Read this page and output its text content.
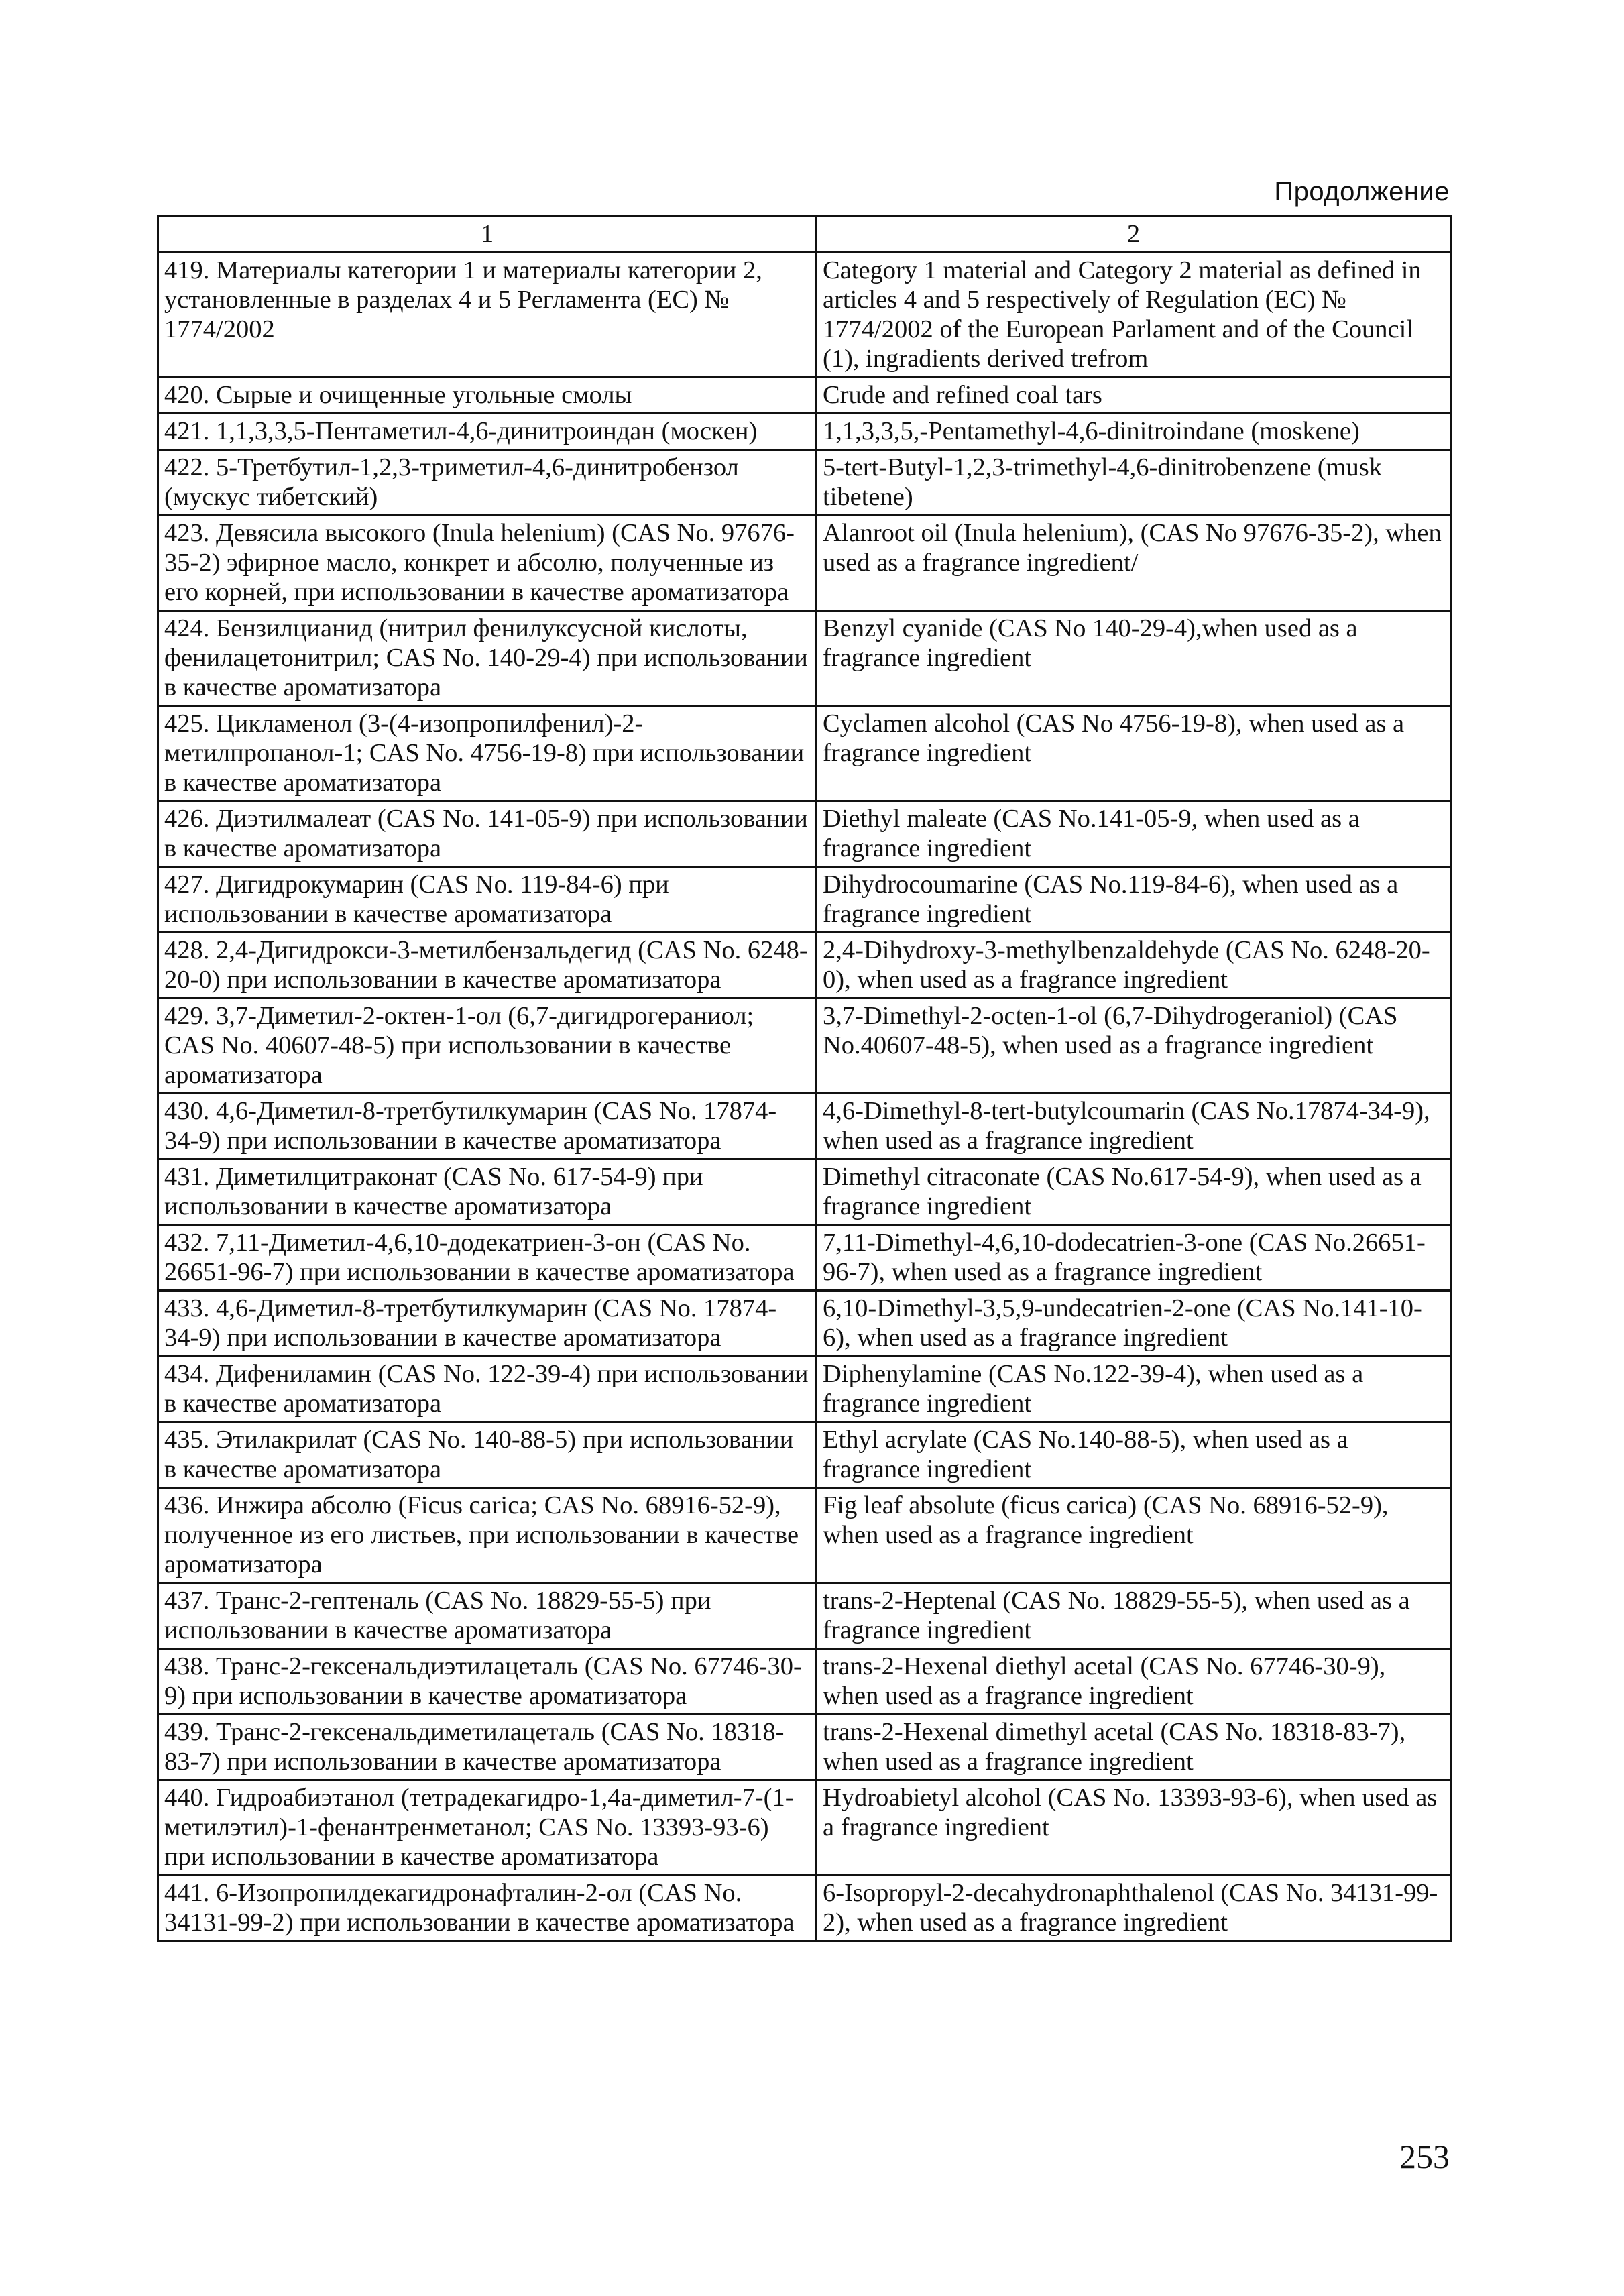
Продолжение
1	2
419. Материалы категории 1 и материалы категории 2, установленные в разделах 4 и 5 Регламента (ЕС) № 1774/2002	Category 1 material and Category 2 material as defined in articles 4 and 5 respectively of Regulation (EC) № 1774/2002 of the European Parlament and of the Council (1), ingradients derived trefrom
420. Сырые и очищенные угольные смолы	Crude and refined coal tars
421. 1,1,3,3,5-Пентаметил-4,6-динитроиндан (москен)	1,1,3,3,5,-Pentamethyl-4,6-dinitroindane (moskene)
422. 5-Третбутил-1,2,3-триметил-4,6-динитробензол (мускус тибетский)	5-tert-Butyl-1,2,3-trimethyl-4,6-dinitrobenzene (musk tibetene)
423. Девясила высокого (Inula helenium) (CAS No. 97676-35-2) эфирное масло, конкрет и абсолю, полученные из его корней, при использовании в качестве ароматизатора	Alanroot oil (Inula helenium), (CAS No 97676-35-2), when used as a fragrance ingredient/
424. Бензилцианид (нитрил фенилуксусной кислоты, фенилацетонитрил; CAS No. 140-29-4) при использовании в качестве ароматизатора	Benzyl cyanide (CAS No 140-29-4),when used as a fragrance ingredient
425. Цикламенол (3-(4-изопропилфенил)-2-метилпропанол-1; CAS No. 4756-19-8) при использовании в качестве ароматизатора	Cyclamen alcohol (CAS No 4756-19-8), when used as a fragrance ingredient
426. Диэтилмалеат (CAS No. 141-05-9) при использовании в качестве ароматизатора	Diethyl maleate (CAS No.141-05-9, when used as a fragrance ingredient
427. Дигидрокумарин (CAS No. 119-84-6) при использовании в качестве ароматизатора	Dihydrocoumarine (CAS No.119-84-6), when used as a fragrance ingredient
428. 2,4-Дигидрокси-3-метилбензальдегид (CAS No. 6248-20-0) при использовании в качестве ароматизатора	2,4-Dihydroxy-3-methylbenzaldehyde (CAS No. 6248-20-0), when used as a fragrance ingredient
429. 3,7-Диметил-2-октен-1-ол (6,7-дигидрогераниол; CAS No. 40607-48-5) при использовании в качестве ароматизатора	3,7-Dimethyl-2-octen-1-ol (6,7-Dihydrogeraniol) (CAS No.40607-48-5), when used as a fragrance ingredient
430. 4,6-Диметил-8-третбутилкумарин (CAS No. 17874-34-9) при использовании в качестве ароматизатора	4,6-Dimethyl-8-tert-butylcoumarin (CAS No.17874-34-9), when used as a fragrance ingredient
431. Диметилцитраконат (CAS No. 617-54-9) при использовании в качестве ароматизатора	Dimethyl citraconate (CAS No.617-54-9), when used as a fragrance ingredient
432. 7,11-Диметил-4,6,10-додекатриен-3-он (CAS No. 26651-96-7) при использовании в качестве ароматизатора	7,11-Dimethyl-4,6,10-dodecatrien-3-one (CAS No.26651-96-7), when used as a fragrance ingredient
433. 4,6-Диметил-8-третбутилкумарин (CAS No. 17874-34-9) при использовании в качестве ароматизатора	6,10-Dimethyl-3,5,9-undecatrien-2-one (CAS No.141-10-6), when used as a fragrance ingredient
434. Дифениламин (CAS No. 122-39-4) при использовании в качестве ароматизатора	Diphenylamine (CAS No.122-39-4), when used as a fragrance ingredient
435. Этилакрилат (CAS No. 140-88-5) при использовании в качестве ароматизатора	Ethyl acrylate (CAS No.140-88-5), when used as a fragrance ingredient
436. Инжира абсолю (Ficus carica; CAS No. 68916-52-9), полученное из его листьев, при использовании в качестве ароматизатора	Fig leaf absolute (ficus carica) (CAS No. 68916-52-9), when used as a fragrance ingredient
437. Транс-2-гептеналь (CAS No. 18829-55-5) при использовании в качестве ароматизатора	trans-2-Heptenal (CAS No. 18829-55-5), when used as a fragrance ingredient
438. Транс-2-гексенальдиэтилацеталь (CAS No. 67746-30-9) при использовании в качестве ароматизатора	trans-2-Hexenal diethyl acetal (CAS No. 67746-30-9), when used as a fragrance ingredient
439. Транс-2-гексенальдиметилацеталь (CAS No. 18318-83-7) при использовании в качестве ароматизатора	trans-2-Hexenal dimethyl acetal (CAS No. 18318-83-7), when used as a fragrance ingredient
440. Гидроабиэтанол (тетрадекагидро-1,4a-диметил-7-(1-метилэтил)-1-фенантренметанол; CAS No. 13393-93-6) при использовании в качестве ароматизатора	Hydroabietyl alcohol (CAS No. 13393-93-6), when used as a fragrance ingredient
441. 6-Изопропилдекагидронафталин-2-ол (CAS No. 34131-99-2) при использовании в качестве ароматизатора	6-Isopropyl-2-decahydronaphthalenol (CAS No. 34131-99-2), when used as a fragrance ingredient
253
